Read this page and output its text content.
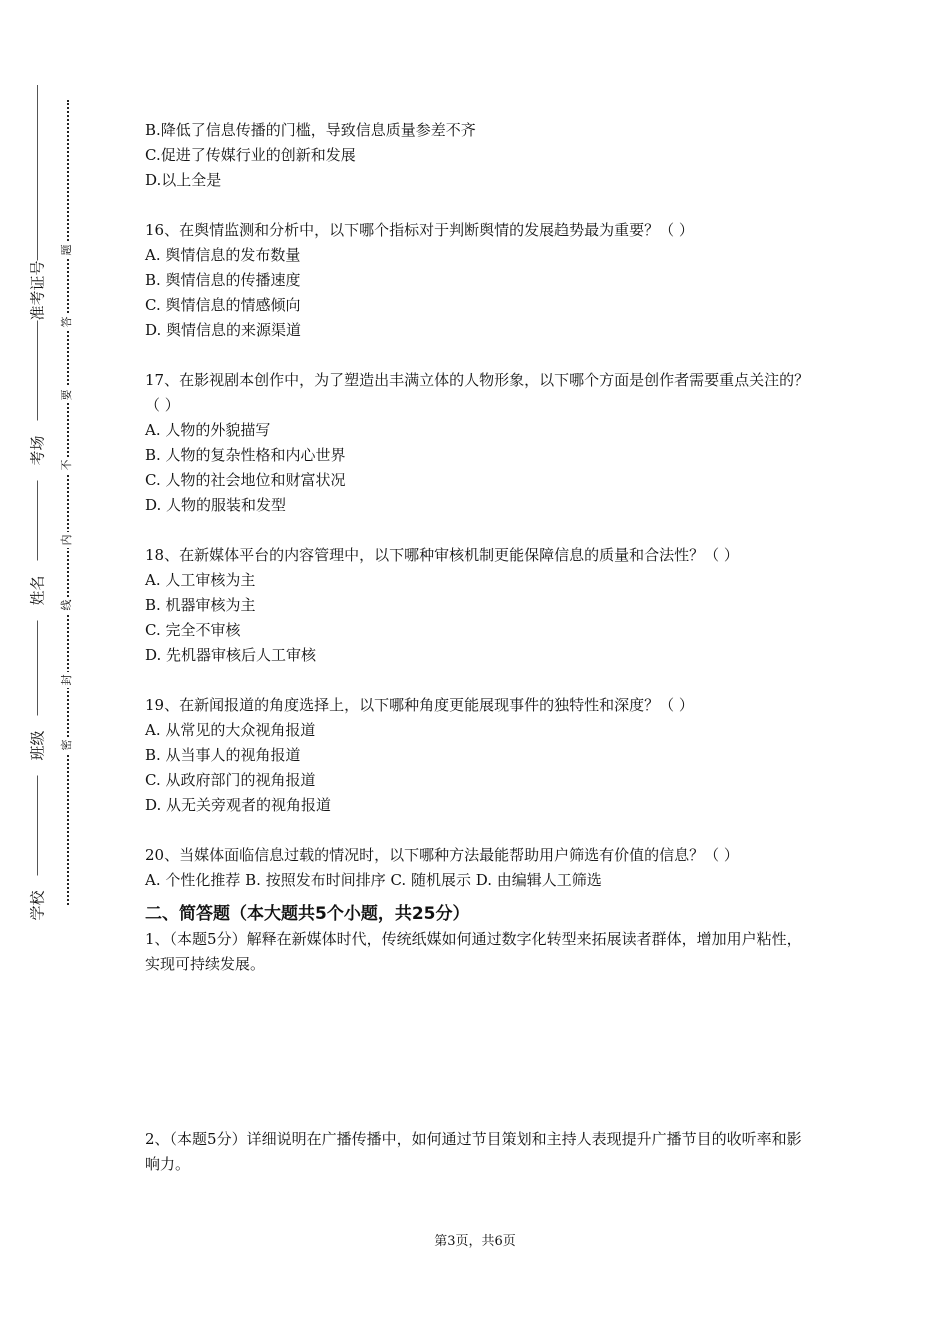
准考证号
考场
姓名
班级
学校
题
答
要
不
内
线
封
密
B.降低了信息传播的门槛，导致信息质量参差不齐
C.促进了传媒行业的创新和发展
D.以上全是
16、在舆情监测和分析中，以下哪个指标对于判断舆情的发展趋势最为重要？（ ）
A. 舆情信息的发布数量
B. 舆情信息的传播速度
C. 舆情信息的情感倾向
D. 舆情信息的来源渠道
17、在影视剧本创作中，为了塑造出丰满立体的人物形象，以下哪个方面是创作者需要重点关注的？（ ）
A. 人物的外貌描写
B. 人物的复杂性格和内心世界
C. 人物的社会地位和财富状况
D. 人物的服装和发型
18、在新媒体平台的内容管理中，以下哪种审核机制更能保障信息的质量和合法性？（ ）
A. 人工审核为主
B. 机器审核为主
C. 完全不审核
D. 先机器审核后人工审核
19、在新闻报道的角度选择上，以下哪种角度更能展现事件的独特性和深度？（ ）
A. 从常见的大众视角报道
B. 从当事人的视角报道
C. 从政府部门的视角报道
D. 从无关旁观者的视角报道
20、当媒体面临信息过载的情况时，以下哪种方法最能帮助用户筛选有价值的信息？（ ）
A. 个性化推荐 B. 按照发布时间排序 C. 随机展示 D. 由编辑人工筛选
二、简答题（本大题共5个小题，共25分）
1、（本题5分）解释在新媒体时代，传统纸媒如何通过数字化转型来拓展读者群体，增加用户粘性，实现可持续发展。
2、（本题5分）详细说明在广播传播中，如何通过节目策划和主持人表现提升广播节目的收听率和影响力。
第3页，共6页
